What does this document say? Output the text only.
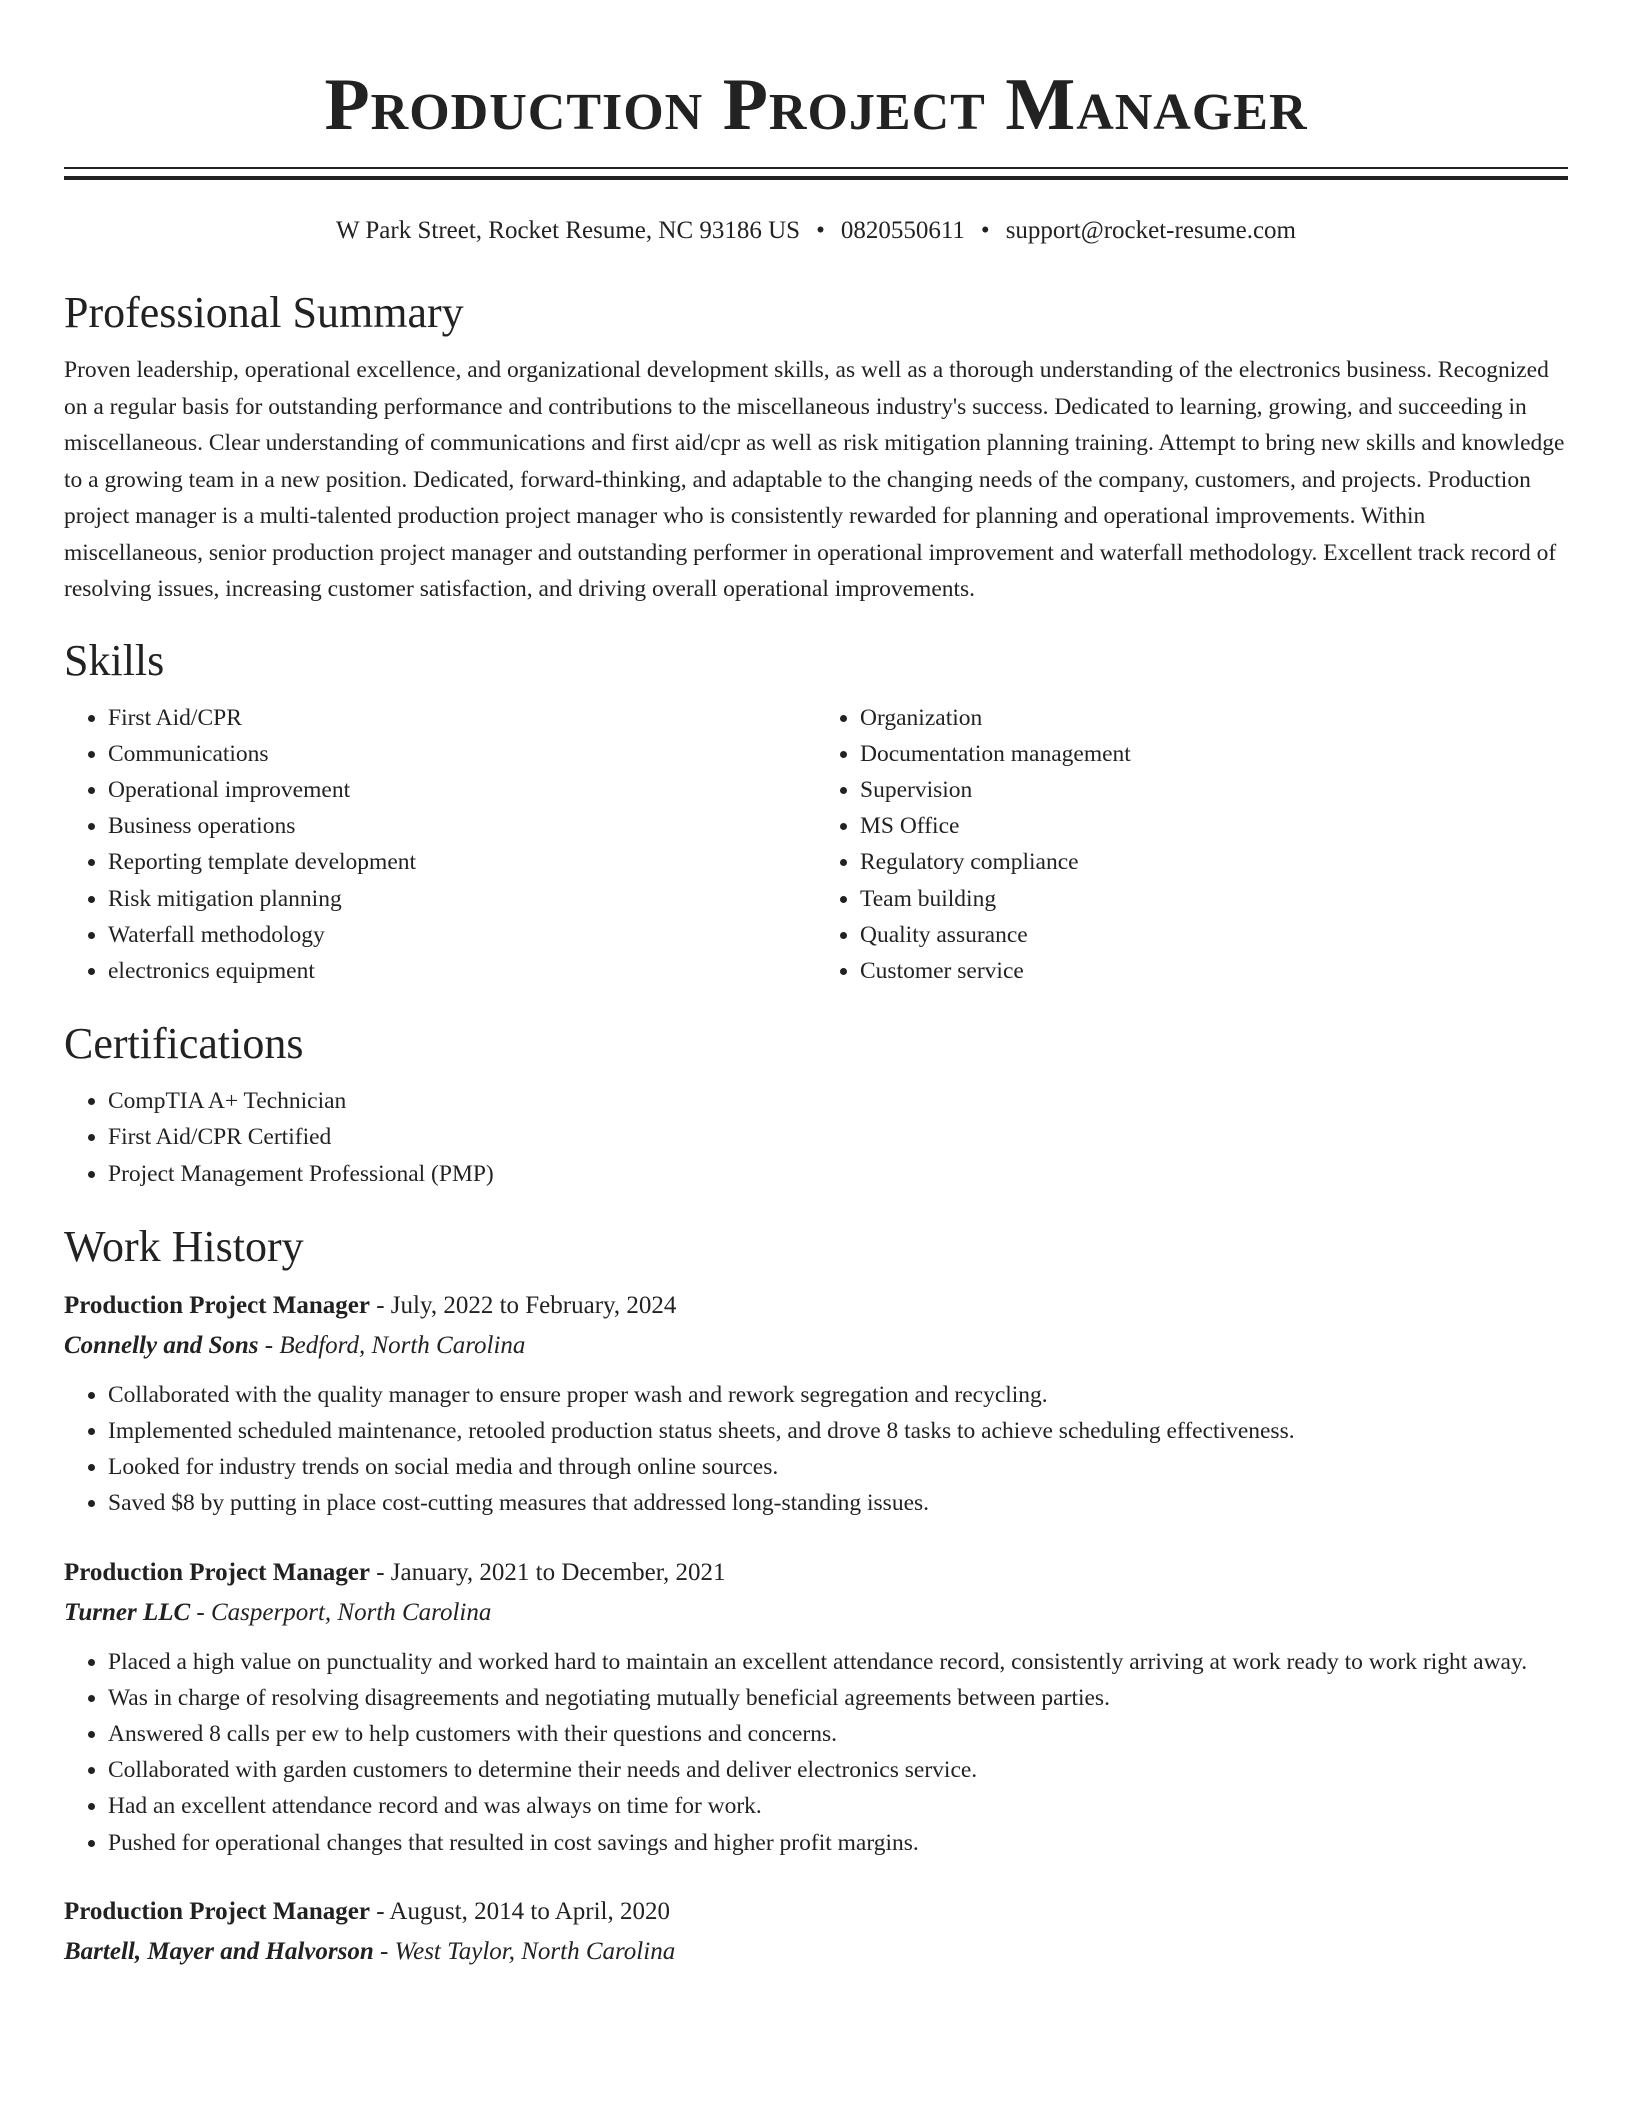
Production Project Manager
W Park Street, Rocket Resume, NC 93186 US • 0820550611 • support@rocket-resume.com
Professional Summary

Proven leadership, operational excellence, and organizational development skills, as well as a thorough understanding of the electronics business. Recognized on a regular basis for outstanding performance and contributions to the miscellaneous industry's success. Dedicated to learning, growing, and succeeding in miscellaneous. Clear understanding of communications and first aid/cpr as well as risk mitigation planning training. Attempt to bring new skills and knowledge to a growing team in a new position. Dedicated, forward-thinking, and adaptable to the changing needs of the company, customers, and projects. Production project manager is a multi-talented production project manager who is consistently rewarded for planning and operational improvements. Within miscellaneous, senior production project manager and outstanding performer in operational improvement and waterfall methodology. Excellent track record of resolving issues, increasing customer satisfaction, and driving overall operational improvements.

Skills
• First Aid/CPR
• Communications
• Operational improvement
• Business operations
• Reporting template development
• Risk mitigation planning
• Waterfall methodology
• electronics equipment
• Organization
• Documentation management
• Supervision
• MS Office
• Regulatory compliance
• Team building
• Quality assurance
• Customer service
Certifications
• CompTIA A+ Technician
• First Aid/CPR Certified
• Project Management Professional (PMP)
Work History
Production Project Manager - July, 2022 to February, 2024
Connelly and Sons - Bedford, North Carolina
• Collaborated with the quality manager to ensure proper wash and rework segregation and recycling.
• Implemented scheduled maintenance, retooled production status sheets, and drove 8 tasks to achieve scheduling effectiveness.
• Looked for industry trends on social media and through online sources.
• Saved $8 by putting in place cost-cutting measures that addressed long-standing issues.
Production Project Manager - January, 2021 to December, 2021
Turner LLC - Casperport, North Carolina
• Placed a high value on punctuality and worked hard to maintain an excellent attendance record, consistently arriving at work ready to work right away.
• Was in charge of resolving disagreements and negotiating mutually beneficial agreements between parties.
• Answered 8 calls per ew to help customers with their questions and concerns.
• Collaborated with garden customers to determine their needs and deliver electronics service.
• Had an excellent attendance record and was always on time for work.
• Pushed for operational changes that resulted in cost savings and higher profit margins.
Production Project Manager - August, 2014 to April, 2020
Bartell, Mayer and Halvorson - West Taylor, North Carolina
